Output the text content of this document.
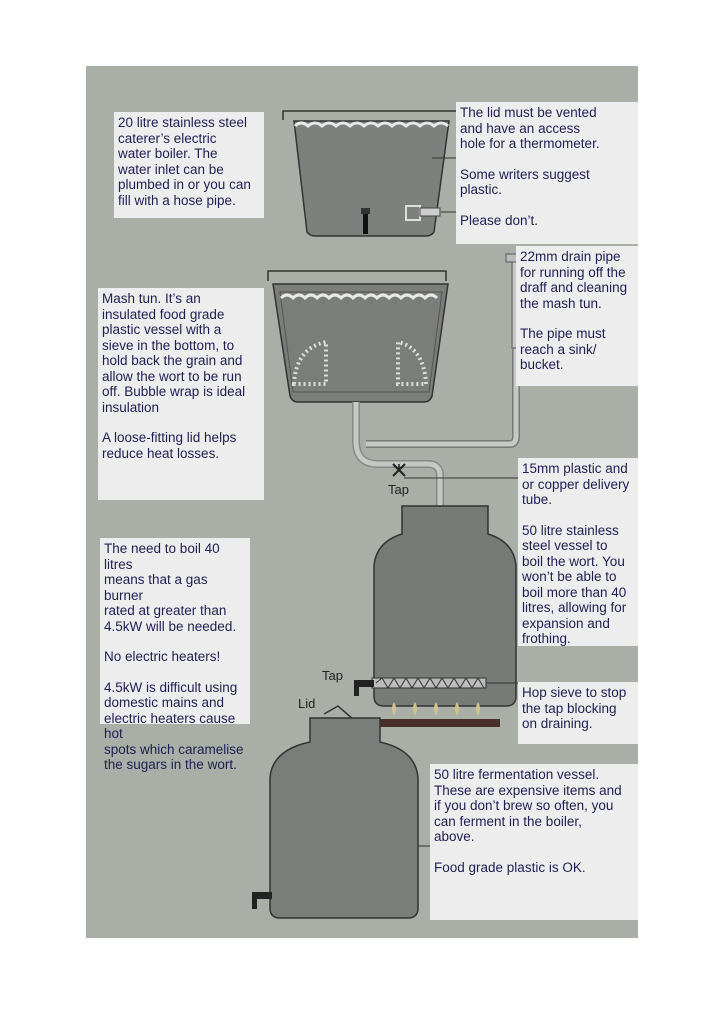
20 litre stainless steel
caterer’s electric
water boiler. The
water inlet can be
plumbed in or you can
fill with a hose pipe.

The lid must be vented
and have an access
hole for a thermometer.

Some writers suggest
plastic.

Please don’t.

22mm drain pipe
for running off the
draff and cleaning
the mash tun.

The pipe must
reach a sink/
bucket.

Mash tun. It’s an
insulated food grade
plastic vessel with a
sieve in the bottom, to
hold back the grain and
allow the wort to be run
off. Bubble wrap is ideal
insulation

A loose-fitting lid helps
reduce heat losses.

15mm plastic and
or copper delivery
tube.

50 litre stainless
steel vessel to
boil the wort. You
won’t be able to
boil more than 40
litres, allowing for
expansion and
frothing.

The need to boil 40 litres
means that a gas burner
rated at greater than
4.5kW will be needed.

No electric heaters!

4.5kW is difficult using
domestic mains and
electric heaters cause hot
spots which caramelise
the sugars in the wort.

Hop sieve to stop
the tap blocking
on draining.

50 litre fermentation vessel.
These are expensive items and
if you don’t brew so often, you
can ferment in the boiler,
above.

Food grade plastic is OK.

Tap
Tap
Lid
